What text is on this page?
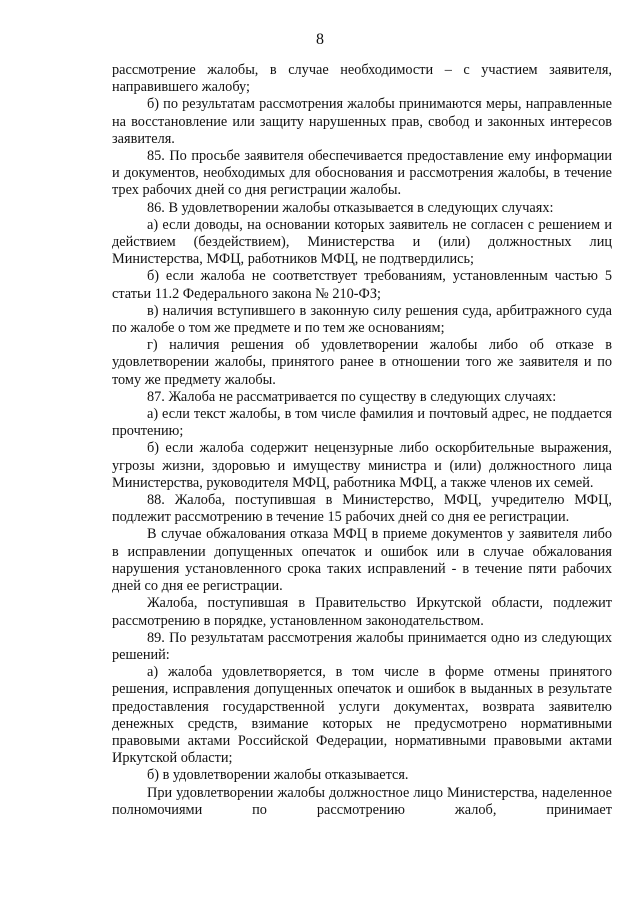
8

рассмотрение жалобы, в случае необходимости – с участием заявителя, направившего жалобу;

б) по результатам рассмотрения жалобы принимаются меры, направленные на восстановление или защиту нарушенных прав, свобод и законных интересов заявителя.

85. По просьбе заявителя обеспечивается предоставление ему информации и документов, необходимых для обоснования и рассмотрения жалобы, в течение трех рабочих дней со дня регистрации жалобы.

86. В удовлетворении жалобы отказывается в следующих случаях:

а) если доводы, на основании которых заявитель не согласен с решением и действием (бездействием), Министерства и (или) должностных лиц Министерства, МФЦ, работников МФЦ, не подтвердились;

б) если жалоба не соответствует требованиям, установленным частью 5 статьи 11.2 Федерального закона № 210-ФЗ;

в) наличия вступившего в законную силу решения суда, арбитражного суда по жалобе о том же предмете и по тем же основаниям;

г) наличия решения об удовлетворении жалобы либо об отказе в удовлетворении жалобы, принятого ранее в отношении того же заявителя и по тому же предмету жалобы.

87. Жалоба не рассматривается по существу в следующих случаях:

а) если текст жалобы, в том числе фамилия и почтовый адрес, не поддается прочтению;

б) если жалоба содержит нецензурные либо оскорбительные выражения, угрозы жизни, здоровью и имуществу министра и (или) должностного лица Министерства, руководителя МФЦ, работника МФЦ, а также членов их семей.

88. Жалоба, поступившая в Министерство, МФЦ, учредителю МФЦ, подлежит рассмотрению в течение 15 рабочих дней со дня ее регистрации.

В случае обжалования отказа МФЦ в приеме документов у заявителя либо в исправлении допущенных опечаток и ошибок или в случае обжалования нарушения установленного срока таких исправлений - в течение пяти рабочих дней со дня ее регистрации.

Жалоба, поступившая в Правительство Иркутской области, подлежит рассмотрению в порядке, установленном законодательством.

89. По результатам рассмотрения жалобы принимается одно из следующих решений:

а) жалоба удовлетворяется, в том числе в форме отмены принятого решения, исправления допущенных опечаток и ошибок в выданных в результате предоставления государственной услуги документах, возврата заявителю денежных средств, взимание которых не предусмотрено нормативными правовыми актами Российской Федерации, нормативными правовыми актами Иркутской области;

б) в удовлетворении жалобы отказывается.

При удовлетворении жалобы должностное лицо Министерства, наделенное полномочиями по рассмотрению жалоб, принимает
